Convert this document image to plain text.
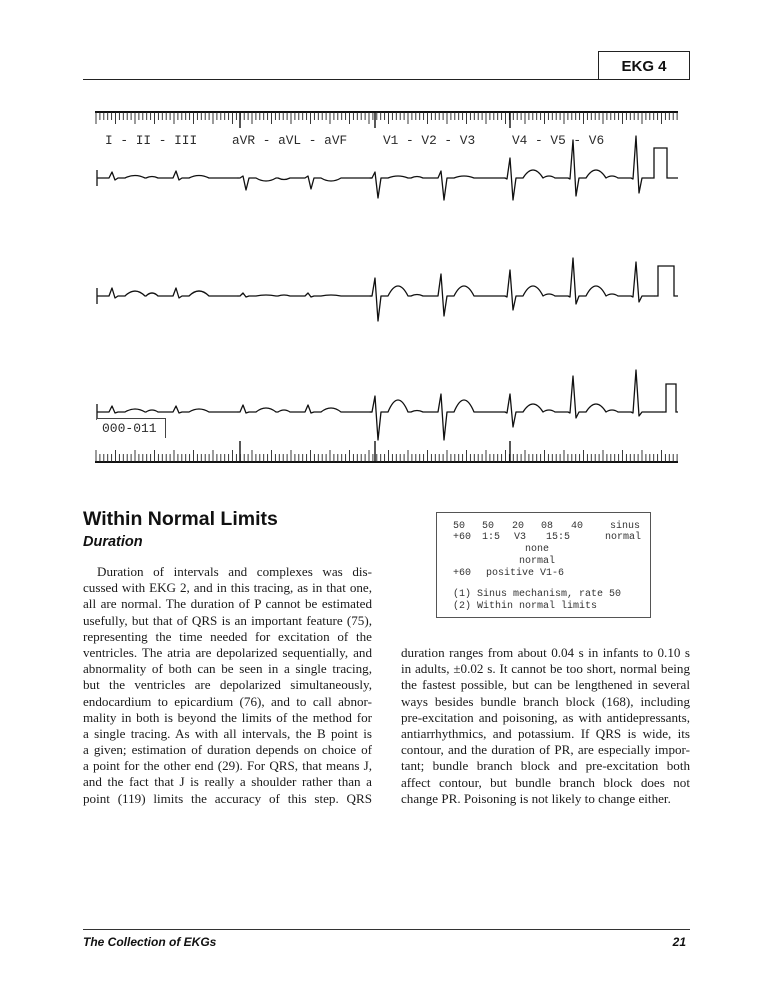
EKG 4
I - II - III	aVR - aVL - aVF	V1 - V2 - V3	V4 - V5 - V6
000-011
Within Normal Limits
Duration
50 50 20 08 40	sinus
+60 1:5 V3 15:5	normal
none
normal
+60 positive V1-6
(1) Sinus mechanism, rate 50
(2) Within normal limits
Duration of intervals and complexes was dis-
cussed with EKG 2, and in this tracing, as in that one,
all are normal. The duration of P cannot be estimated
usefully, but that of QRS is an important feature (75),
representing the time needed for excitation of the
ventricles. The atria are depolarized sequentially, and
abnormality of both can be seen in a single tracing,
but the ventricles are depolarized simultaneously,
endocardium to epicardium (76), and to call abnor-
mality in both is beyond the limits of the method for
a single tracing. As with all intervals, the B point is
a given; estimation of duration depends on choice of
a point for the other end (29). For QRS, that means J,
and the fact that J is really a shoulder rather than a
point (119) limits the accuracy of this step. QRS
duration ranges from about 0.04 s in infants to 0.10 s
in adults, ±0.02 s. It cannot be too short, normal being
the fastest possible, but can be lengthened in several
ways besides bundle branch block (168), including
pre-excitation and poisoning, as with antidepressants,
antiarrhythmics, and potassium. If QRS is wide, its
contour, and the duration of PR, are especially impor-
tant; bundle branch block and pre-excitation both
affect contour, but bundle branch block does not
change PR. Poisoning is not likely to change either.
The Collection of EKGs	21
